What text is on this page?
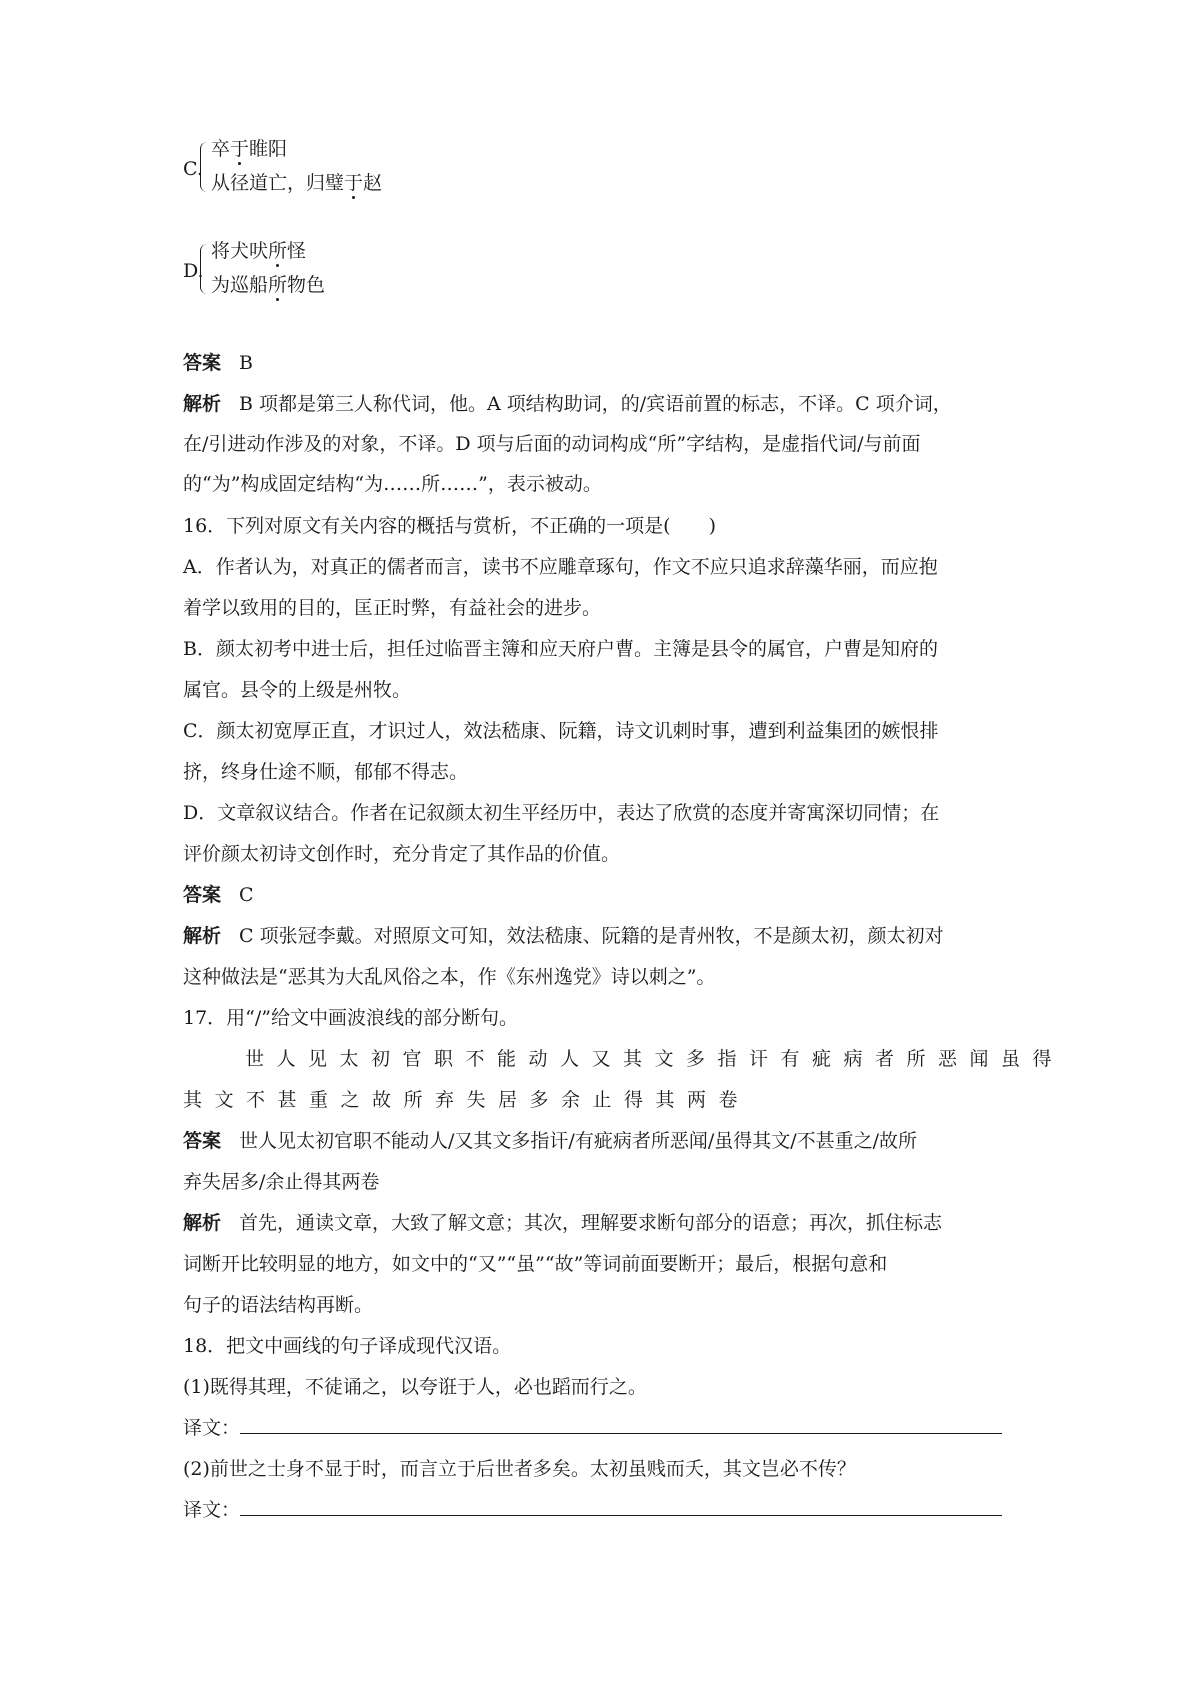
C.
卒于睢阳
从径道亡，归璧于赵
D.
将犬吠所怪
为巡船所物色
答案 B
解析 B 项都是第三人称代词，他。A 项结构助词，的/宾语前置的标志，不译。C 项介词，
在/引进动作涉及的对象，不译。D 项与后面的动词构成“所”字结构，是虚指代词/与前面
的“为”构成固定结构“为……所……”，表示被动。
16．下列对原文有关内容的概括与赏析，不正确的一项是(　　)
A．作者认为，对真正的儒者而言，读书不应雕章琢句，作文不应只追求辞藻华丽，而应抱
着学以致用的目的，匡正时弊，有益社会的进步。
B．颜太初考中进士后，担任过临晋主簿和应天府户曹。主簿是县令的属官，户曹是知府的
属官。县令的上级是州牧。
C．颜太初宽厚正直，才识过人，效法嵇康、阮籍，诗文讥刺时事，遭到利益集团的嫉恨排
挤，终身仕途不顺，郁郁不得志。
D．文章叙议结合。作者在记叙颜太初生平经历中，表达了欣赏的态度并寄寓深切同情；在
评价颜太初诗文创作时，充分肯定了其作品的价值。
答案 C
解析 C 项张冠李戴。对照原文可知，效法嵇康、阮籍的是青州牧，不是颜太初，颜太初对
这种做法是“恶其为大乱风俗之本，作《东州逸党》诗以刺之”。
17．用“/”给文中画波浪线的部分断句。
世人见太初官职不能动人又其文多指讦有疵病者所恶闻虽得
其文不甚重之故所弃失居多余止得其两卷
答案 世人见太初官职不能动人/又其文多指讦/有疵病者所恶闻/虽得其文/不甚重之/故所
弃失居多/余止得其两卷
解析 首先，通读文章，大致了解文意；其次，理解要求断句部分的语意；再次，抓住标志
词断开比较明显的地方，如文中的“又”“虽”“故”等词前面要断开；最后，根据句意和
句子的语法结构再断。
18．把文中画线的句子译成现代汉语。
(1)既得其理，不徒诵之，以夸诳于人，必也蹈而行之。
译文：
(2)前世之士身不显于时，而言立于后世者多矣。太初虽贱而夭，其文岂必不传？
译文：
